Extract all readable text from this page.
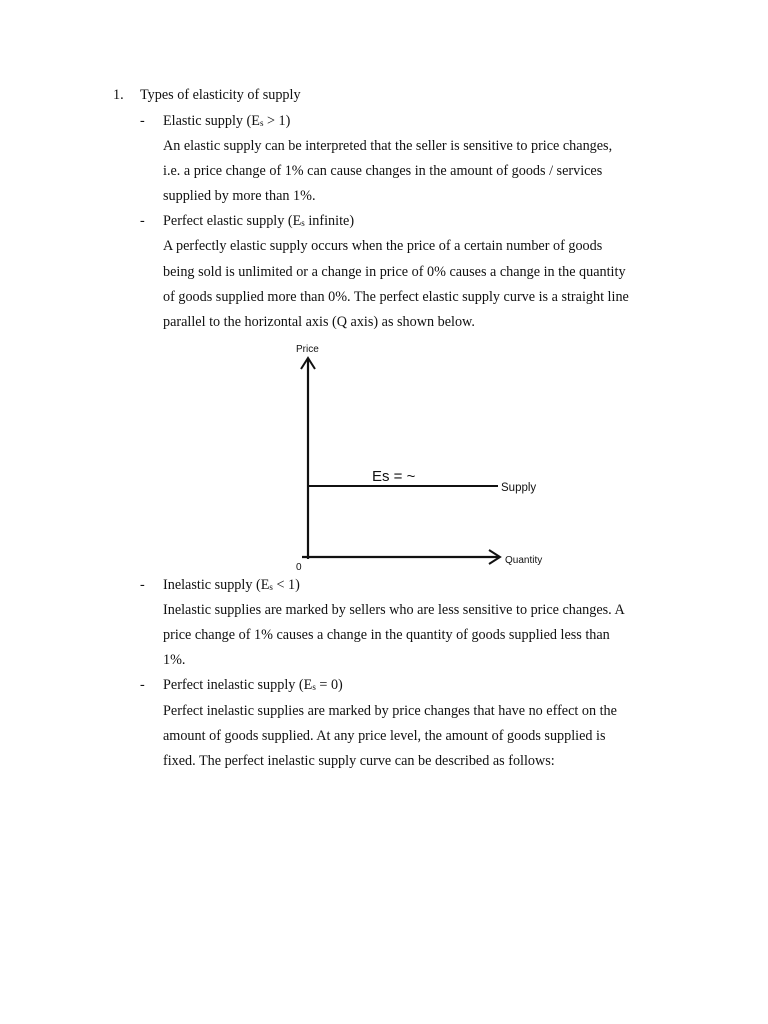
1. Types of elasticity of supply
- Elastic supply (Es > 1)
An elastic supply can be interpreted that the seller is sensitive to price changes,
i.e. a price change of 1% can cause changes in the amount of goods / services
supplied by more than 1%.
- Perfect elastic supply (Es infinite)
A perfectly elastic supply occurs when the price of a certain number of goods
being sold is unlimited or a change in price of 0% causes a change in the quantity
of goods supplied more than 0%. The perfect elastic supply curve is a straight line
parallel to the horizontal axis (Q axis) as shown below.
Price
Quantity
0
Supply
Es = ~
- Inelastic supply (Es < 1)
Inelastic supplies are marked by sellers who are less sensitive to price changes. A
price change of 1% causes a change in the quantity of goods supplied less than
1%.
- Perfect inelastic supply (Es = 0)
Perfect inelastic supplies are marked by price changes that have no effect on the
amount of goods supplied. At any price level, the amount of goods supplied is
fixed. The perfect inelastic supply curve can be described as follows:
